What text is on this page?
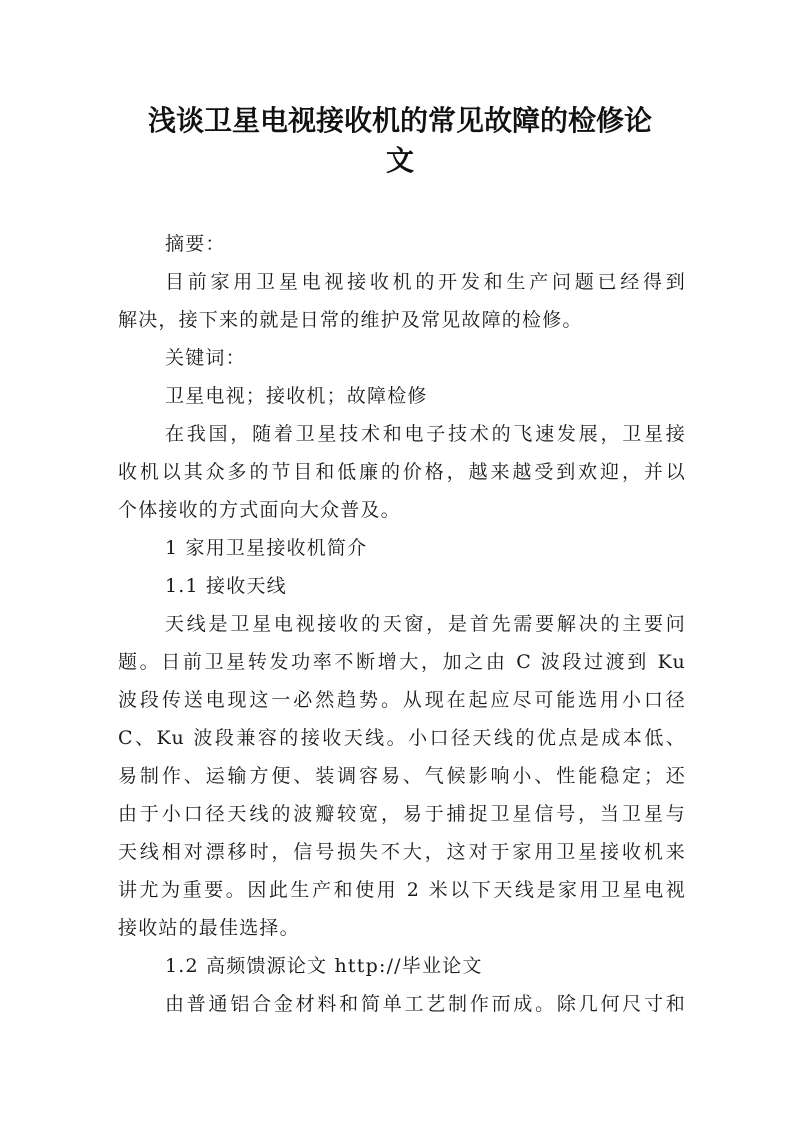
浅谈卫星电视接收机的常见故障的检修论
文

摘要：

目前家用卫星电视接收机的开发和生产问题已经得到

解决，接下来的就是日常的维护及常见故障的检修。

关键词：

卫星电视；接收机；故障检修

在我国，随着卫星技术和电子技术的飞速发展，卫星接

收机以其众多的节目和低廉的价格，越来越受到欢迎，并以

个体接收的方式面向大众普及。

1 家用卫星接收机简介

1.1 接收天线

天线是卫星电视接收的天窗，是首先需要解决的主要问

题。日前卫星转发功率不断增大，加之由 C 波段过渡到 Ku

波段传送电现这一必然趋势。从现在起应尽可能选用小口径

C、Ku 波段兼容的接收天线。小口径天线的优点是成本低、

易制作、运输方便、装调容易、气候影响小、性能稳定；还

由于小口径天线的波瓣较宽，易于捕捉卫星信号，当卫星与

天线相对漂移时，信号损失不大，这对于家用卫星接收机来

讲尤为重要。因此生产和使用 2 米以下天线是家用卫星电视

接收站的最佳选择。

1.2 高频馈源论文 http://毕业论文

由普通铝合金材料和简单工艺制作而成。除几何尺寸和
